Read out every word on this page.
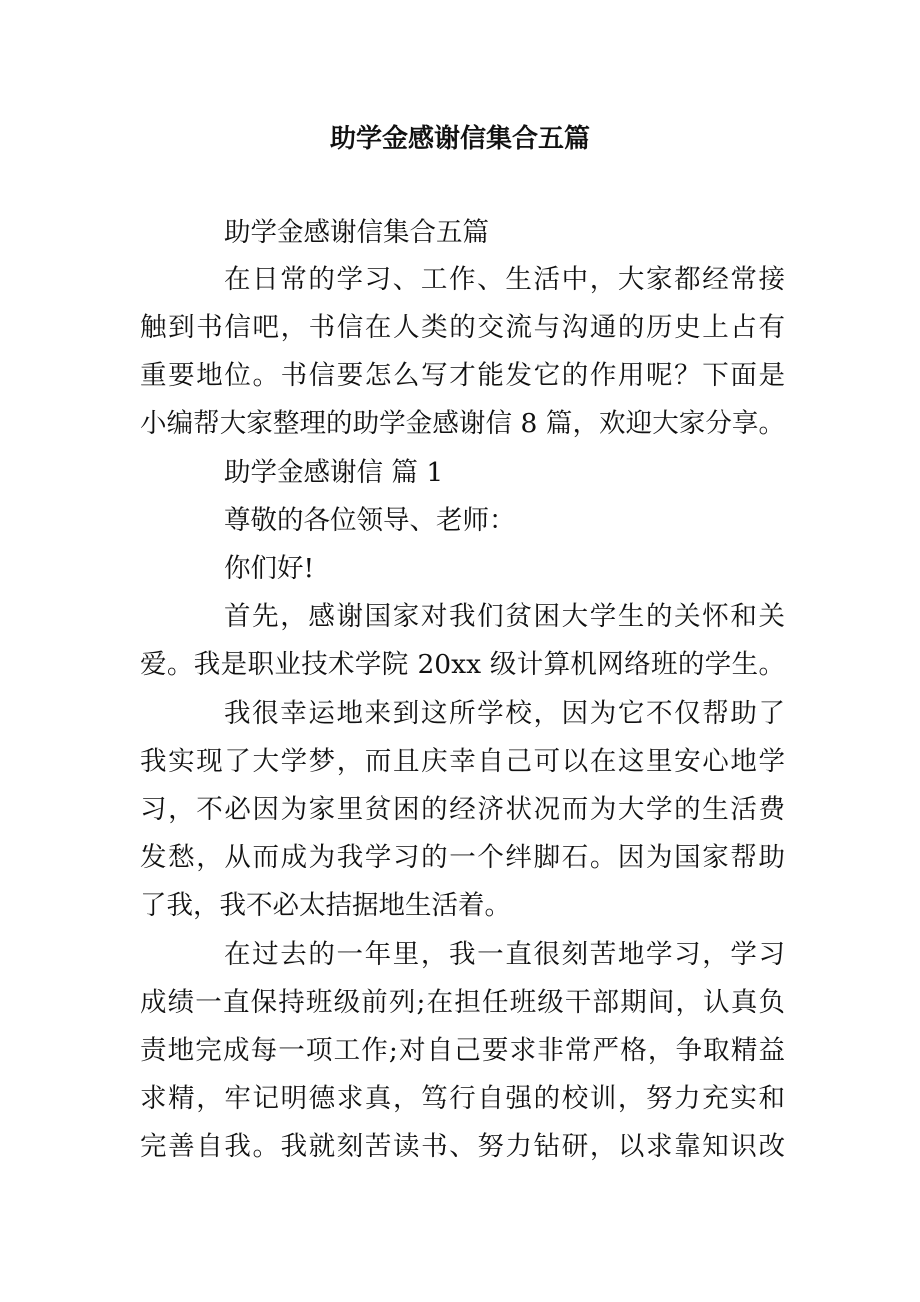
助学金感谢信集合五篇
助学金感谢信集合五篇
在日常的学习、工作、生活中，大家都经常接
触到书信吧，书信在人类的交流与沟通的历史上占有
重要地位。书信要怎么写才能发它的作用呢？下面是
小编帮大家整理的助学金感谢信 8 篇，欢迎大家分享。
助学金感谢信 篇 1
尊敬的各位领导、老师：
你们好!
首先，感谢国家对我们贫困大学生的关怀和关
爱。我是职业技术学院 20xx 级计算机网络班的学生。
我很幸运地来到这所学校，因为它不仅帮助了
我实现了大学梦，而且庆幸自己可以在这里安心地学
习，不必因为家里贫困的经济状况而为大学的生活费
发愁，从而成为我学习的一个绊脚石。因为国家帮助
了我，我不必太拮据地生活着。
在过去的一年里，我一直很刻苦地学习，学习
成绩一直保持班级前列;在担任班级干部期间，认真负
责地完成每一项工作;对自己要求非常严格，争取精益
求精，牢记明德求真，笃行自强的校训，努力充实和
完善自我。我就刻苦读书、努力钻研，以求靠知识改
